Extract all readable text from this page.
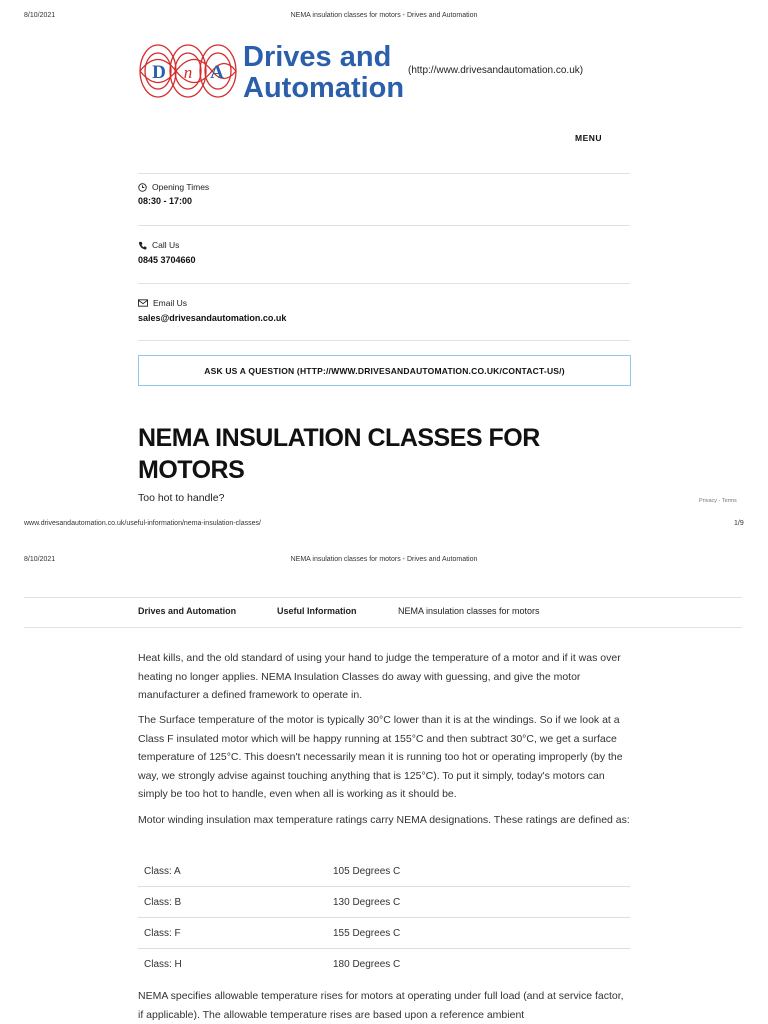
8/10/2021	NEMA insulation classes for motors - Drives and Automation
D n A Drives and
Automation
(http://www.drivesandautomation.co.uk)
MENU
Opening Times
08:30 - 17:00
Call Us
0845 3704660
Email Us
sales@drivesandautomation.co.uk
ASK US A QUESTION (HTTP://WWW.DRIVESANDAUTOMATION.CO.UK/CONTACT-US/)
NEMA INSULATION CLASSES FOR
MOTORS
Too hot to handle?	Privacy - Terms
www.drivesandautomation.co.uk/useful-information/nema-insulation-classes/	1/9
8/10/2021	NEMA insulation classes for motors - Drives and Automation
Drives and Automation	Useful Information	NEMA insulation classes for motors
Heat kills, and the old standard of using your hand to judge the temperature of a motor and if it was over heating no longer applies. NEMA Insulation Classes do away with guessing, and give the motor manufacturer a defined framework to operate in.
The Surface temperature of the motor is typically 30°C lower than it is at the windings. So if we look at a Class F insulated motor which will be happy running at 155°C and then subtract 30°C, we get a surface temperature of 125°C. This doesn't necessarily mean it is running too hot or operating improperly (by the way, we strongly advise against touching anything that is 125°C). To put it simply, today's motors can simply be too hot to handle, even when all is working as it should be.
Motor winding insulation max temperature ratings carry NEMA designations. These ratings are defined as:
Class: A	105 Degrees C
Class: B	130 Degrees C
Class: F	155 Degrees C
Class: H	180 Degrees C
NEMA specifies allowable temperature rises for motors at operating under full load (and at service factor, if applicable). The allowable temperature rises are based upon a reference ambient
